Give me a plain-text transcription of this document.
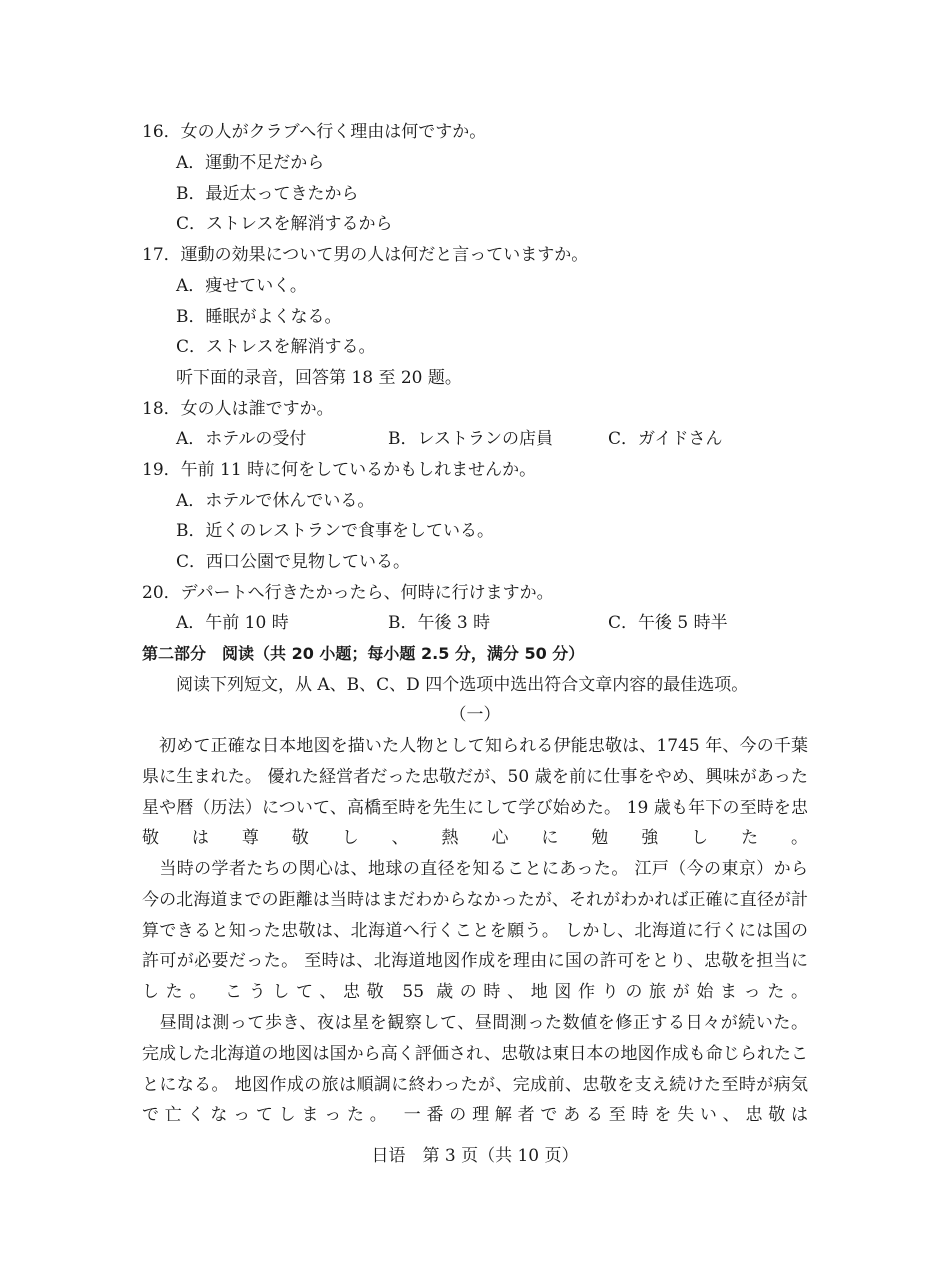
16．女の人がクラブへ行く理由は何ですか。
A．運動不足だから
B．最近太ってきたから
C．ストレスを解消するから
17．運動の効果について男の人は何だと言っていますか。
A．痩せていく。
B．睡眠がよくなる。
C．ストレスを解消する。
听下面的录音，回答第 18 至 20 题。
18．女の人は誰ですか。
A．ホテルの受付	B．レストランの店員	C．ガイドさん
19．午前 11 時に何をしているかもしれませんか。
A．ホテルで休んでいる。
B．近くのレストランで食事をしている。
C．西口公園で見物している。
20．デパートへ行きたかったら、何時に行けますか。
A．午前 10 時	B．午後 3 時	C．午後 5 時半
第二部分　阅读（共 20 小题；每小题 2.5 分，满分 50 分）
阅读下列短文，从 A、B、C、D 四个选项中选出符合文章内容的最佳选项。
（一）
　初めて正確な日本地図を描いた人物として知られる伊能忠敬は、1745 年、今の千葉県に生まれた。 優れた経営者だった忠敬だが、50 歳を前に仕事をやめ、興味があった星や暦（历法）について、高橋至時を先生にして学び始めた。 19 歳も年下の至時を忠敬は尊敬し、熱心に勉強した。
　当時の学者たちの関心は、地球の直径を知ることにあった。 江戸（今の東京）から今の北海道までの距離は当時はまだわからなかったが、それがわかれば正確に直径が計算できると知った忠敬は、北海道へ行くことを願う。 しかし、北海道に行くには国の許可が必要だった。 至時は、北海道地図作成を理由に国の許可をとり、忠敬を担当にした。 こうして、忠敬 55 歳の時、地図作りの旅が始まった。
　昼間は測って歩き、夜は星を観察して、昼間測った数値を修正する日々が続いた。 完成した北海道の地図は国から高く評価され、忠敬は東日本の地図作成も命じられたことになる。 地図作成の旅は順調に終わったが、完成前、忠敬を支え続けた至時が病気で亡くなってしまった。 一番の理解者である至時を失い、忠敬は
日语　第 3 页（共 10 页）
